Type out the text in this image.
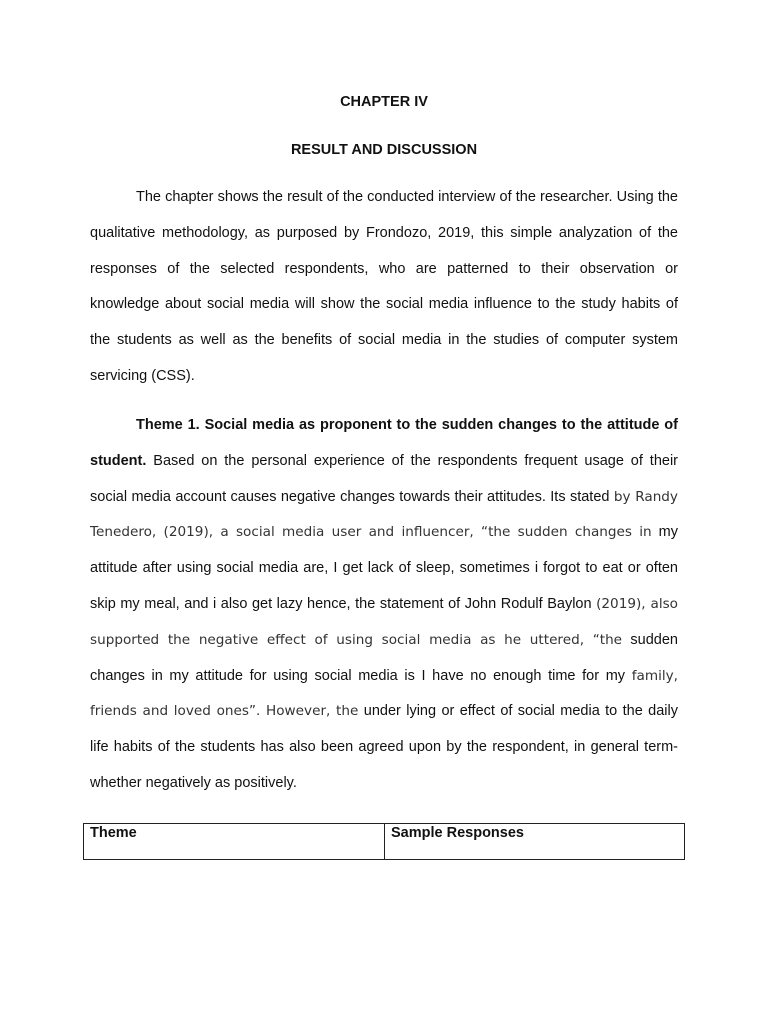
CHAPTER IV
RESULT AND DISCUSSION
The chapter shows the result of the conducted interview of the researcher. Using the qualitative methodology, as purposed by Frondozo, 2019, this simple analyzation of the responses of the selected respondents, who are patterned to their observation or knowledge about social media will show the social media influence to the study habits of the students as well as the benefits of social media in the studies of computer system servicing (CSS).
Theme 1. Social media as proponent to the sudden changes to the attitude of student. Based on the personal experience of the respondents frequent usage of their social media account causes negative changes towards their attitudes. Its stated by Randy Tenedero, (2019), a social media user and influencer, “the sudden changes in my attitude after using social media are, I get lack of sleep, sometimes i forgot to eat or often skip my meal, and i also get lazy hence, the statement of John Rodulf Baylon (2019), also supported the negative effect of using social media as he uttered, “the sudden changes in my attitude for using social media is I have no enough time for my family, friends and loved ones”. However, the under lying or effect of social media to the daily life habits of the students has also been agreed upon by the respondent, in general term-whether negatively as positively.
Theme	Sample Responses
